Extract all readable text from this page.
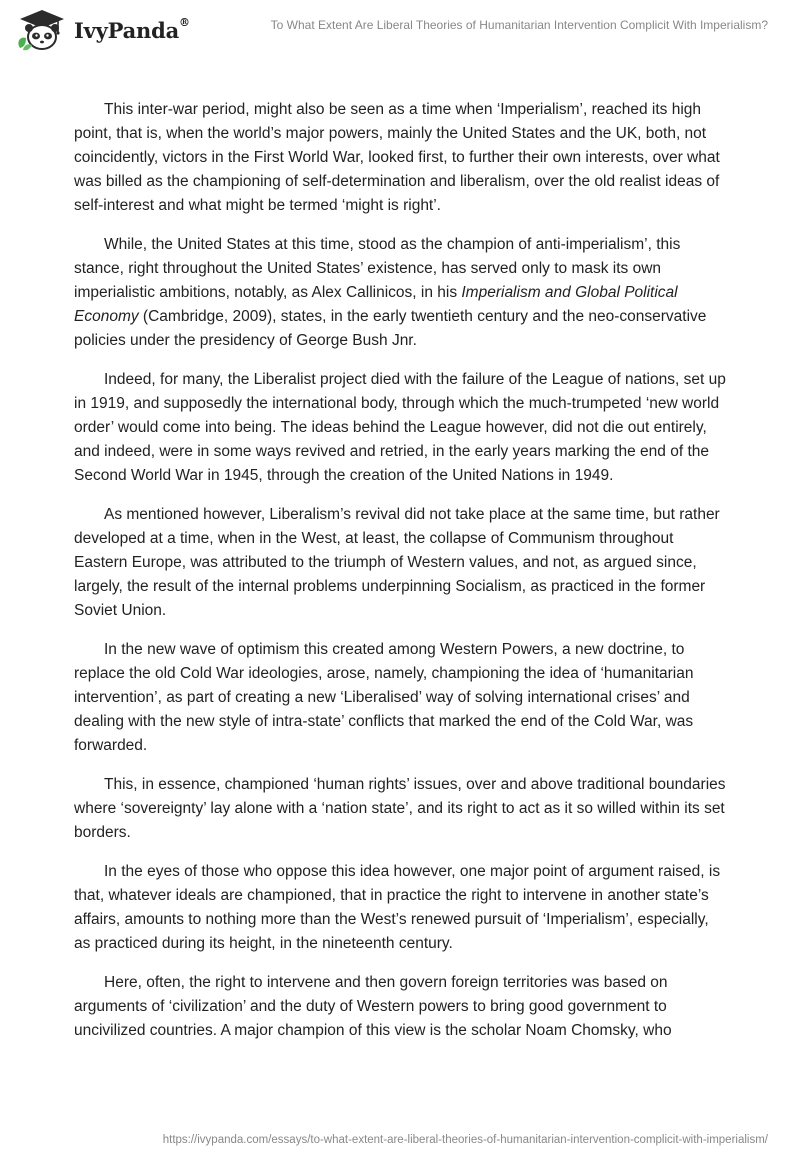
IvyPanda®	To What Extent Are Liberal Theories of Humanitarian Intervention Complicit With Imperialism?

This inter-war period, might also be seen as a time when ‘Imperialism’, reached its high point, that is, when the world’s major powers, mainly the United States and the UK, both, not coincidently, victors in the First World War, looked first, to further their own interests, over what was billed as the championing of self-determination and liberalism, over the old realist ideas of self-interest and what might be termed ‘might is right’.

While, the United States at this time, stood as the champion of anti-imperialism’, this stance, right throughout the United States’ existence, has served only to mask its own imperialistic ambitions, notably, as Alex Callinicos, in his Imperialism and Global Political Economy (Cambridge, 2009), states, in the early twentieth century and the neo-conservative policies under the presidency of George Bush Jnr.

Indeed, for many, the Liberalist project died with the failure of the League of nations, set up in 1919, and supposedly the international body, through which the much-trumpeted ‘new world order’ would come into being. The ideas behind the League however, did not die out entirely, and indeed, were in some ways revived and retried, in the early years marking the end of the Second World War in 1945, through the creation of the United Nations in 1949.

As mentioned however, Liberalism’s revival did not take place at the same time, but rather developed at a time, when in the West, at least, the collapse of Communism throughout Eastern Europe, was attributed to the triumph of Western values, and not, as argued since, largely, the result of the internal problems underpinning Socialism, as practiced in the former Soviet Union.

In the new wave of optimism this created among Western Powers, a new doctrine, to replace the old Cold War ideologies, arose, namely, championing the idea of ‘humanitarian intervention’, as part of creating a new ‘Liberalised’ way of solving international crises’ and dealing with the new style of intra-state’ conflicts that marked the end of the Cold War, was forwarded.

This, in essence, championed ‘human rights’ issues, over and above traditional boundaries where ‘sovereignty’ lay alone with a ‘nation state’, and its right to act as it so willed within its set borders.

In the eyes of those who oppose this idea however, one major point of argument raised, is that, whatever ideals are championed, that in practice the right to intervene in another state’s affairs, amounts to nothing more than the West’s renewed pursuit of ‘Imperialism’, especially, as practiced during its height, in the nineteenth century.

Here, often, the right to intervene and then govern foreign territories was based on arguments of ‘civilization’ and the duty of Western powers to bring good government to uncivilized countries. A major champion of this view is the scholar Noam Chomsky, who

https://ivypanda.com/essays/to-what-extent-are-liberal-theories-of-humanitarian-intervention-complicit-with-imperialism/
